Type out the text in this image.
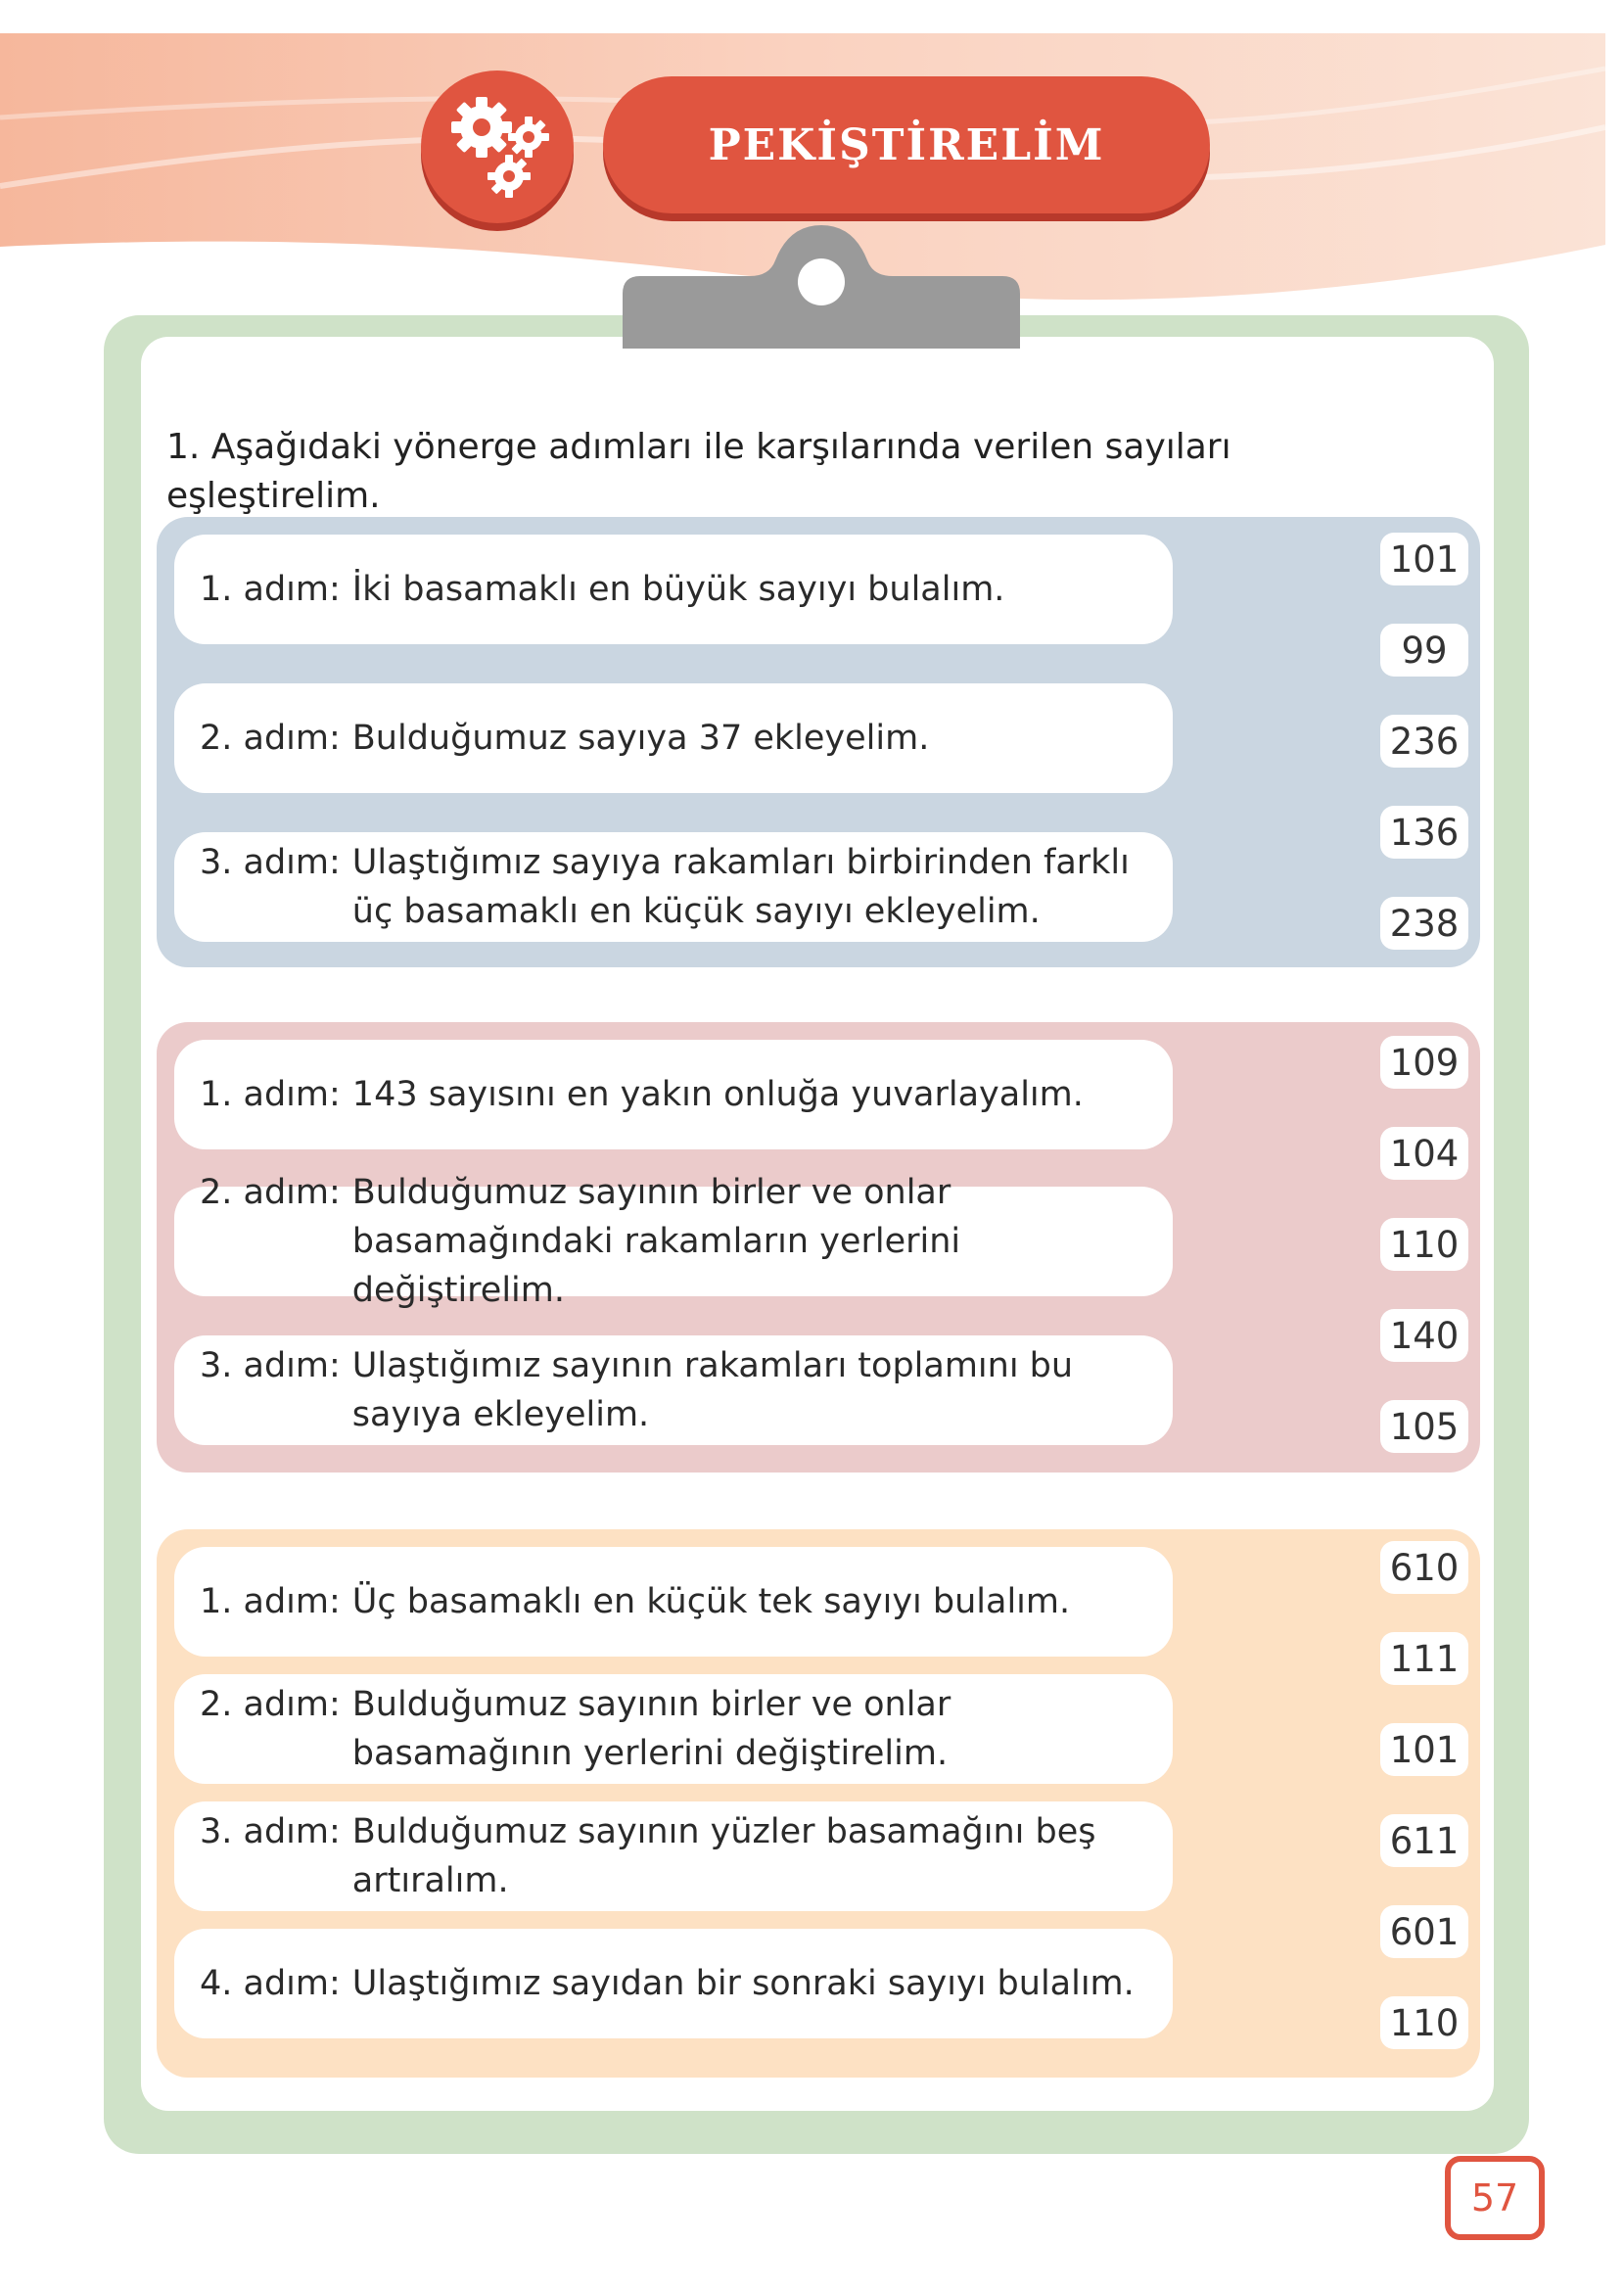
PEKİŞTİRELİM
1. Aşağıdaki yönerge adımları ile karşılarında verilen sayıları eşleştirelim.
1. adım: İki basamaklı en büyük sayıyı bulalım.
2. adım: Bulduğumuz sayıya 37 ekleyelim.
3. adım: Ulaştığımız sayıya rakamları birbirinden farklı üç basamaklı en küçük sayıyı ekleyelim.
101
99
236
136
238
1. adım: 143 sayısını en yakın onluğa yuvarlayalım.
2. adım: Bulduğumuz sayının birler ve onlar basamağındaki rakamların yerlerini değiştirelim.
3. adım: Ulaştığımız sayının rakamları toplamını bu sayıya ekleyelim.
109
104
110
140
105
1. adım: Üç basamaklı en küçük tek sayıyı bulalım.
2. adım: Bulduğumuz sayının birler ve onlar basamağının yerlerini değiştirelim.
3. adım: Bulduğumuz sayının yüzler basamağını beş artıralım.
4. adım: Ulaştığımız sayıdan bir sonraki sayıyı bulalım.
610
111
101
611
601
110
57
